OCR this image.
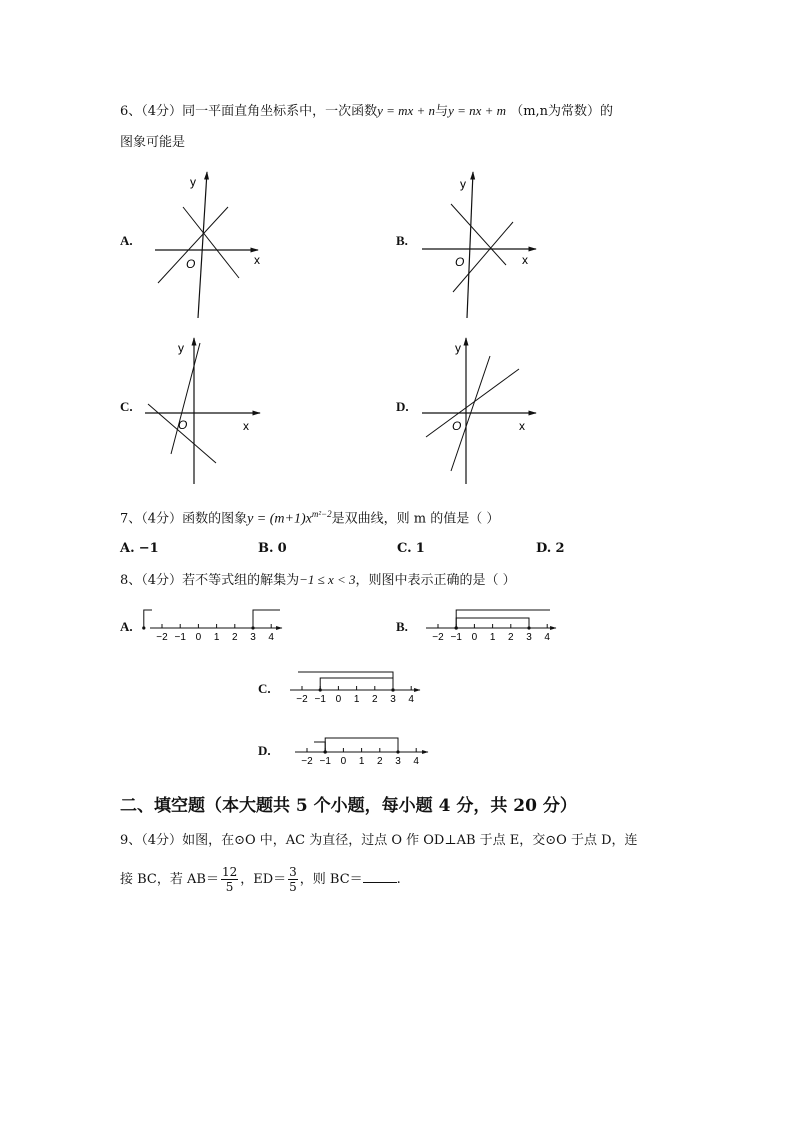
6、（4分）同一平面直角坐标系中，一次函数y = mx + n与y = nx + m （m,n为常数）的
图象可能是
A.	B.
C.	D.
x
y
O	x
y
O
x
y
O	x
y
O
7、（4分）函数的图象$y = (m+1)x^{m^2-2}$是双曲线，则 m 的值是（ ）
A. −1	B. 0	C. 1	D. 2
8、（4分）若不等式组的解集为−1 ≤ x < 3，则图中表示正确的是（ ）
A.	B.
C.
D.
−2 −1 0 1 2 3 4	−2 −1 0 1 2 3 4
−2 −1 0 1 2 3 4
−2 −1 0 1 2 3 4
二、填空题（本大题共 5 个小题，每小题 4 分，共 20 分）
9、（4分）如图，在⊙O 中，AC 为直径，过点 O 作 OD⊥AB 于点 E，交⊙O 于点 D，连
接 BC，若 $AB= \frac{12}{5}$ ，$ED= \frac{3}{5}$ ，则 BC＝	.
